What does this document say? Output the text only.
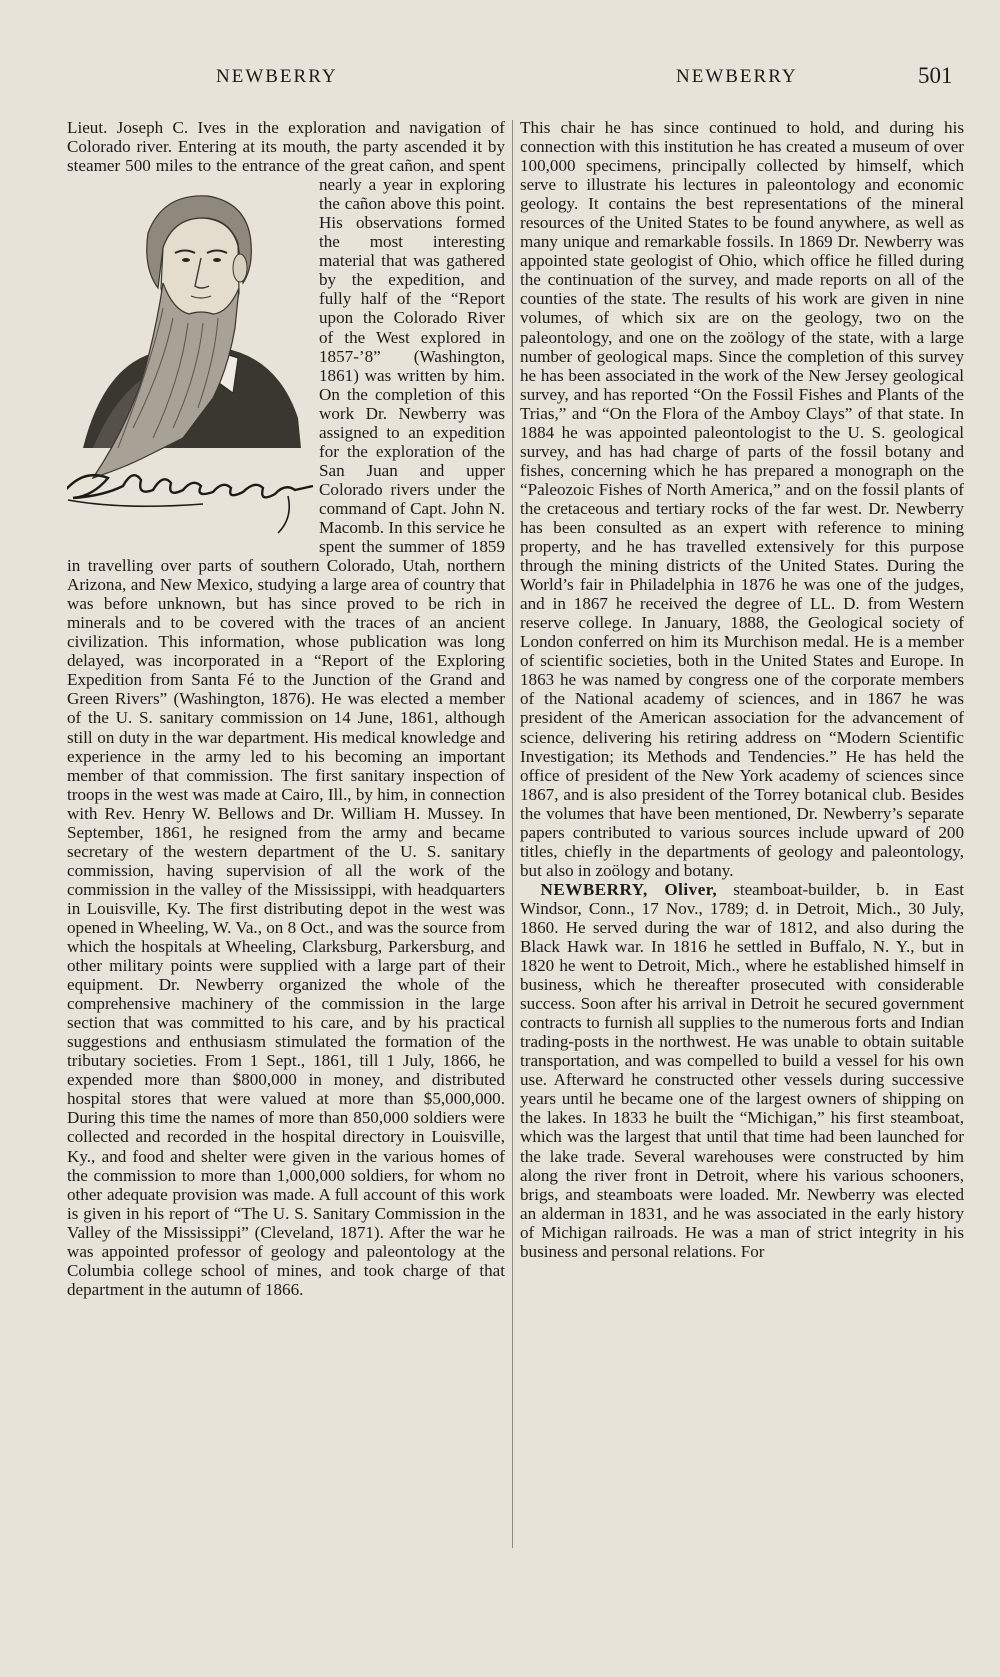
NEWBERRY	NEWBERRY	501

Lieut. Joseph C. Ives in the exploration and navigation of Colorado river. Entering at its mouth, the party ascended it by steamer 500 miles to the entrance of the great cañon, and spent nearly a year in exploring the cañon above this point. His observations formed the most interesting material that was gathered by the expedition, and fully half of the “Report upon the Colorado River of the West explored in 1857-’8” (Washington, 1861) was written by him. On the completion of this work Dr. Newberry was assigned to an expedition for the exploration of the San Juan and upper Colorado rivers under the command of Capt. John N. Macomb. In this service he spent the summer of 1859 in travelling over parts of southern Colorado, Utah, northern Arizona, and New Mexico, studying a large area of country that was before unknown, but has since proved to be rich in minerals and to be covered with the traces of an ancient civilization. This information, whose publication was long delayed, was incorporated in a “Report of the Exploring Expedition from Santa Fé to the Junction of the Grand and Green Rivers” (Washington, 1876). He was elected a member of the U. S. sanitary commission on 14 June, 1861, although still on duty in the war department. His medical knowledge and experience in the army led to his becoming an important member of that commission. The first sanitary inspection of troops in the west was made at Cairo, Ill., by him, in connection with Rev. Henry W. Bellows and Dr. William H. Mussey. In September, 1861, he resigned from the army and became secretary of the western department of the U. S. sanitary commission, having supervision of all the work of the commission in the valley of the Mississippi, with headquarters in Louisville, Ky. The first distributing depot in the west was opened in Wheeling, W. Va., on 8 Oct., and was the source from which the hospitals at Wheeling, Clarksburg, Parkersburg, and other military points were supplied with a large part of their equipment. Dr. Newberry organized the whole of the comprehensive machinery of the commission in the large section that was committed to his care, and by his practical suggestions and enthusiasm stimulated the formation of the tributary societies. From 1 Sept., 1861, till 1 July, 1866, he expended more than $800,000 in money, and distributed hospital stores that were valued at more than $5,000,000. During this time the names of more than 850,000 soldiers were collected and recorded in the hospital directory in Louisville, Ky., and food and shelter were given in the various homes of the commission to more than 1,000,000 soldiers, for whom no other adequate provision was made. A full account of this work is given in his report of “The U. S. Sanitary Commission in the Valley of the Mississippi” (Cleveland, 1871). After the war he was appointed professor of geology and paleontology at the Columbia college school of mines, and took charge of that department in the autumn of 1866.

This chair he has since continued to hold, and during his connection with this institution he has created a museum of over 100,000 specimens, principally collected by himself, which serve to illustrate his lectures in paleontology and economic geology. It contains the best representations of the mineral resources of the United States to be found anywhere, as well as many unique and remarkable fossils. In 1869 Dr. Newberry was appointed state geologist of Ohio, which office he filled during the continuation of the survey, and made reports on all of the counties of the state. The results of his work are given in nine volumes, of which six are on the geology, two on the paleontology, and one on the zoölogy of the state, with a large number of geological maps. Since the completion of this survey he has been associated in the work of the New Jersey geological survey, and has reported “On the Fossil Fishes and Plants of the Trias,” and “On the Flora of the Amboy Clays” of that state. In 1884 he was appointed paleontologist to the U. S. geological survey, and has had charge of parts of the fossil botany and fishes, concerning which he has prepared a monograph on the “Paleozoic Fishes of North America,” and on the fossil plants of the cretaceous and tertiary rocks of the far west. Dr. Newberry has been consulted as an expert with reference to mining property, and he has travelled extensively for this purpose through the mining districts of the United States. During the World’s fair in Philadelphia in 1876 he was one of the judges, and in 1867 he received the degree of LL. D. from Western reserve college. In January, 1888, the Geological society of London conferred on him its Murchison medal. He is a member of scientific societies, both in the United States and Europe. In 1863 he was named by congress one of the corporate members of the National academy of sciences, and in 1867 he was president of the American association for the advancement of science, delivering his retiring address on “Modern Scientific Investigation; its Methods and Tendencies.” He has held the office of president of the New York academy of sciences since 1867, and is also president of the Torrey botanical club. Besides the volumes that have been mentioned, Dr. Newberry’s separate papers contributed to various sources include upward of 200 titles, chiefly in the departments of geology and paleontology, but also in zoölogy and botany.

NEWBERRY, Oliver, steamboat-builder, b. in East Windsor, Conn., 17 Nov., 1789; d. in Detroit, Mich., 30 July, 1860. He served during the war of 1812, and also during the Black Hawk war. In 1816 he settled in Buffalo, N. Y., but in 1820 he went to Detroit, Mich., where he established himself in business, which he thereafter prosecuted with considerable success. Soon after his arrival in Detroit he secured government contracts to furnish all supplies to the numerous forts and Indian trading-posts in the northwest. He was unable to obtain suitable transportation, and was compelled to build a vessel for his own use. Afterward he constructed other vessels during successive years until he became one of the largest owners of shipping on the lakes. In 1833 he built the “Michigan,” his first steamboat, which was the largest that until that time had been launched for the lake trade. Several warehouses were constructed by him along the river front in Detroit, where his various schooners, brigs, and steamboats were loaded. Mr. Newberry was elected an alderman in 1831, and he was associated in the early history of Michigan railroads. He was a man of strict integrity in his business and personal relations. For
